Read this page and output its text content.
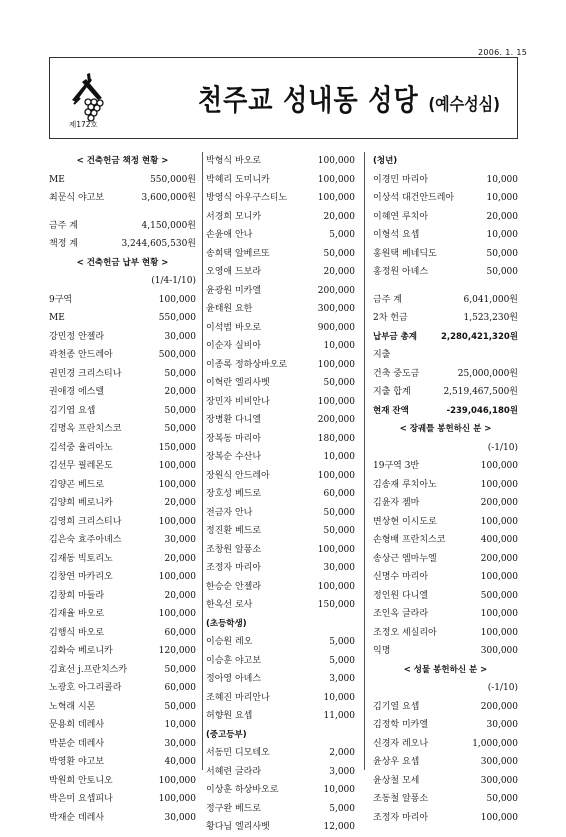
2006. 1. 15
제172호
천주교 성내동 성당 (예수성심)
< 건축헌금 책정 현황 >
ME	550,000원
최문식 야고보	3,600,000원
금주 계	4,150,000원
책정 계	3,244,605,530원
< 건축헌금 납부 현황 >
(1/4-1/10)
9구역	100,000
ME	550,000
강민정 안젤라	30,000
곽천종 안드레아	500,000
권민경 크리스티나	50,000
권애경 에스텔	20,000
김기엽 요셉	50,000
김명옥 프란치스코	50,000
김석중 율리아노	150,000
김선무 필레몬도	100,000
김양곤 베드로	100,000
김양희 베로니카	20,000
김영희 크리스티나	100,000
김은숙 효주아녜스	30,000
김재동 빅토리노	20,000
김창연 마카리오	100,000
김창희 마들라	20,000
김재율 바오로	100,000
김행식 바오로	60,000
김화숙 베로니카	120,000
김효선 j.프란치스카	50,000
노광호 아그리콜라	60,000
노혁래 시몬	50,000
문용희 데레사	10,000
박분순 데레사	30,000
박영환 야고보	40,000
박원희 안토니오	100,000
박은미 요셉피나	100,000
박재순 데레사	30,000
박형식 바오로	100,000
박혜리 도미니카	100,000
방영식 아우구스티노	100,000
서경희 모니카	20,000
손윤애 안나	5,000
송희택 알베르또	50,000
오영애 드보라	20,000
윤광원 미카엘	200,000
윤태원 요한	300,000
이석범 바오로	900,000
이순자 실비아	10,000
이종록 정하상바오로	100,000
이혁란 엘리사벳	50,000
장민자 비비안나	100,000
장병환 다니엘	200,000
장복동 마리아	180,000
장복순 수산나	10,000
장원식 안드레아	100,000
장호성 베드로	60,000
전금자 안나	50,000
정진환 베드로	50,000
조창원 알퐁소	100,000
조정자 마리아	30,000
한승순 안젤라	100,000
한옥선 로사	150,000
(초등학생)
이승원 레오	5,000
이승훈 야고보	5,000
정아영 아녜스	3,000
조혜진 마리안나	10,000
허향원 요셉	11,000
(중고등부)
서동민 디모테오	2,000
서혜련 글라라	3,000
이상훈 하상바오로	10,000
정구완 베드로	5,000
황다님 엘리사벳	12,000
(청년)
이경민 마리아	10,000
이상석 대건안드레아	10,000
이혜연 루치아	20,000
이형석 요셉	10,000
홍원택 베네딕도	50,000
홍정원 아녜스	50,000
금주 계	6,041,000원
2차 헌금	1,523,230원
납부금 총계	2,280,421,320원
지출
건축 중도금	25,000,000원
지출 합계	2,519,467,500원
현재 잔액	-239,046,180원
< 장궤틀 봉헌하신 분 >
(-1/10)
19구역 3반	100,000
김송재 루치아노	100,000
김윤자 젬마	200,000
변상현 이시도로	100,000
손형배 프란치스코	400,000
송상근 엠마누엘	200,000
신명수 마리아	100,000
정인원 다니엘	500,000
조인옥 글라라	100,000
조정오 세실리아	100,000
익명	300,000
< 성물 봉헌하신 분 >
(-1/10)
김기열 요셉	200,000
김정학 미카엘	30,000
신경자 레오나	1,000,000
윤상우 요셉	300,000
윤상철 모세	300,000
조동철 알퐁소	50,000
조정자 마리아	100,000
